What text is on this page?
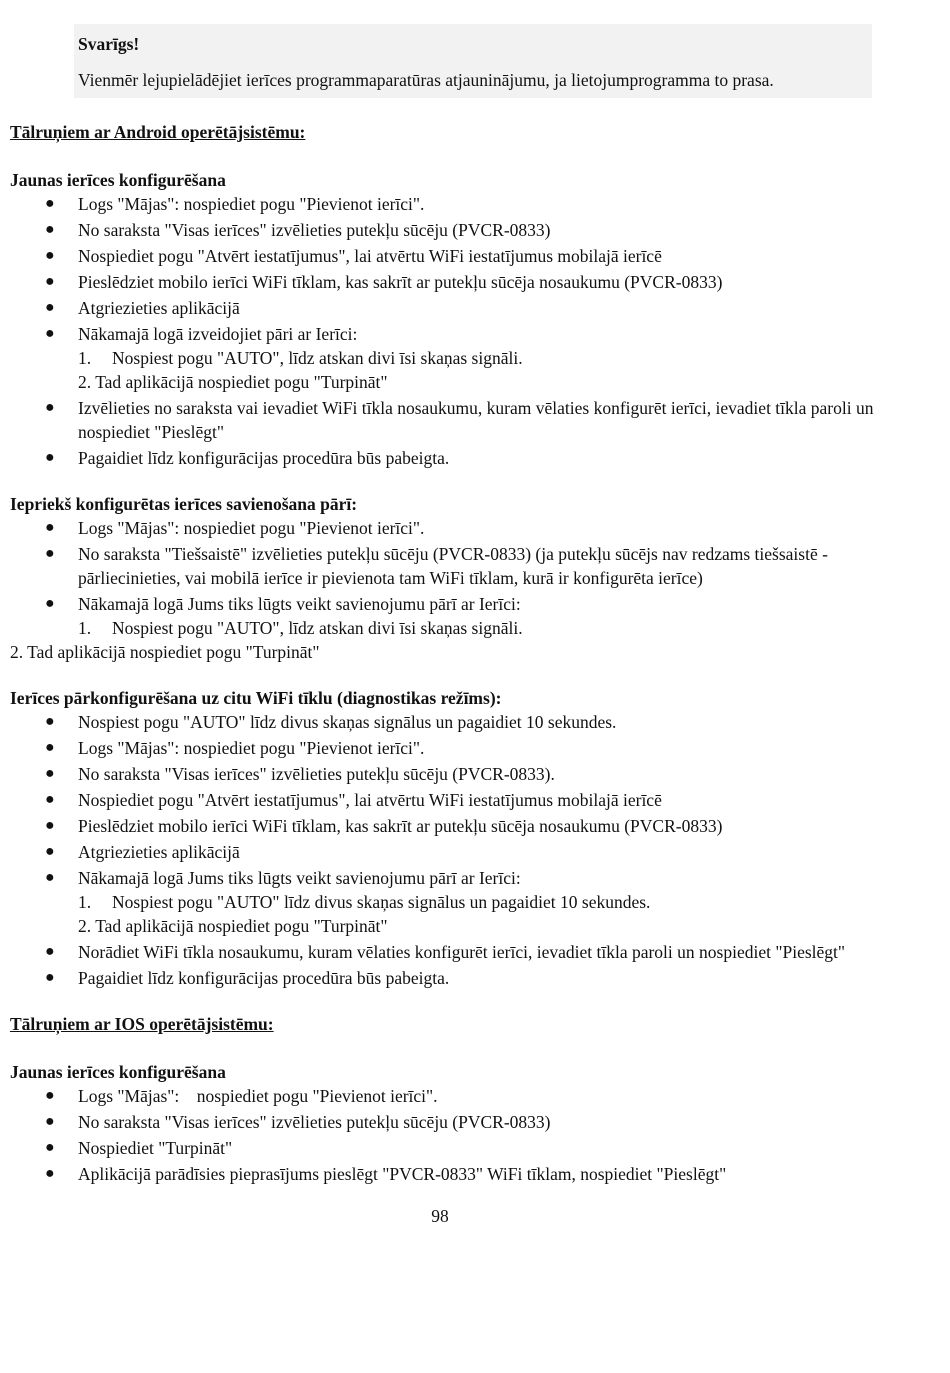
Svarīgs!
Vienmēr lejupielādējiet ierīces programmaparatūras atjauninājumu, ja lietojumprogramma to prasa.
Tālruņiem ar Android operētājsistēmu:
Jaunas ierīces konfigurēšana
● Logs "Mājas": nospiediet pogu "Pievienot ierīci".
● No saraksta "Visas ierīces" izvēlieties putekļu sūcēju (PVCR-0833)
● Nospiediet pogu "Atvērt iestatījumus", lai atvērtu WiFi iestatījumus mobilajā ierīcē
● Pieslēdziet mobilo ierīci WiFi tīklam, kas sakrīt ar putekļu sūcēja nosaukumu (PVCR-0833)
● Atgriezieties aplikācijā
● Nākamajā logā izveidojiet pāri ar Ierīci:
1. Nospiest pogu "AUTO", līdz atskan divi īsi skaņas signāli.
2. Tad aplikācijā nospiediet pogu "Turpināt"
● Izvēlieties no saraksta vai ievadiet WiFi tīkla nosaukumu, kuram vēlaties konfigurēt ierīci, ievadiet tīkla paroli un nospiediet "Pieslēgt"
● Pagaidiet līdz konfigurācijas procedūra būs pabeigta.
Iepriekš konfigurētas ierīces savienošana pārī:
● Logs "Mājas": nospiediet pogu "Pievienot ierīci".
● No saraksta "Tiešsaistē" izvēlieties putekļu sūcēju (PVCR-0833) (ja putekļu sūcējs nav redzams tiešsaistē - pārliecinieties, vai mobilā ierīce ir pievienota tam WiFi tīklam, kurā ir konfigurēta ierīce)
● Nākamajā logā Jums tiks lūgts veikt savienojumu pārī ar Ierīci:
1. Nospiest pogu "AUTO", līdz atskan divi īsi skaņas signāli.
2. Tad aplikācijā nospiediet pogu "Turpināt"
Ierīces pārkonfigurēšana uz citu WiFi tīklu (diagnostikas režīms):
● Nospiest pogu "AUTO" līdz divus skaņas signālus un pagaidiet 10 sekundes.
● Logs "Mājas": nospiediet pogu "Pievienot ierīci".
● No saraksta "Visas ierīces" izvēlieties putekļu sūcēju (PVCR-0833).
● Nospiediet pogu "Atvērt iestatījumus", lai atvērtu WiFi iestatījumus mobilajā ierīcē
● Pieslēdziet mobilo ierīci WiFi tīklam, kas sakrīt ar putekļu sūcēja nosaukumu (PVCR-0833)
● Atgriezieties aplikācijā
● Nākamajā logā Jums tiks lūgts veikt savienojumu pārī ar Ierīci:
1. Nospiest pogu "AUTO" līdz divus skaņas signālus un pagaidiet 10 sekundes.
2. Tad aplikācijā nospiediet pogu "Turpināt"
● Norādiet WiFi tīkla nosaukumu, kuram vēlaties konfigurēt ierīci, ievadiet tīkla paroli un nospiediet "Pieslēgt"
● Pagaidiet līdz konfigurācijas procedūra būs pabeigta.
Tālruņiem ar IOS operētājsistēmu:
Jaunas ierīces konfigurēšana
● Logs "Mājas":    nospiediet pogu "Pievienot ierīci".
● No saraksta "Visas ierīces" izvēlieties putekļu sūcēju (PVCR-0833)
● Nospiediet "Turpināt"
● Aplikācijā parādīsies pieprasījums pieslēgt "PVCR-0833" WiFi tīklam, nospiediet "Pieslēgt"
98
